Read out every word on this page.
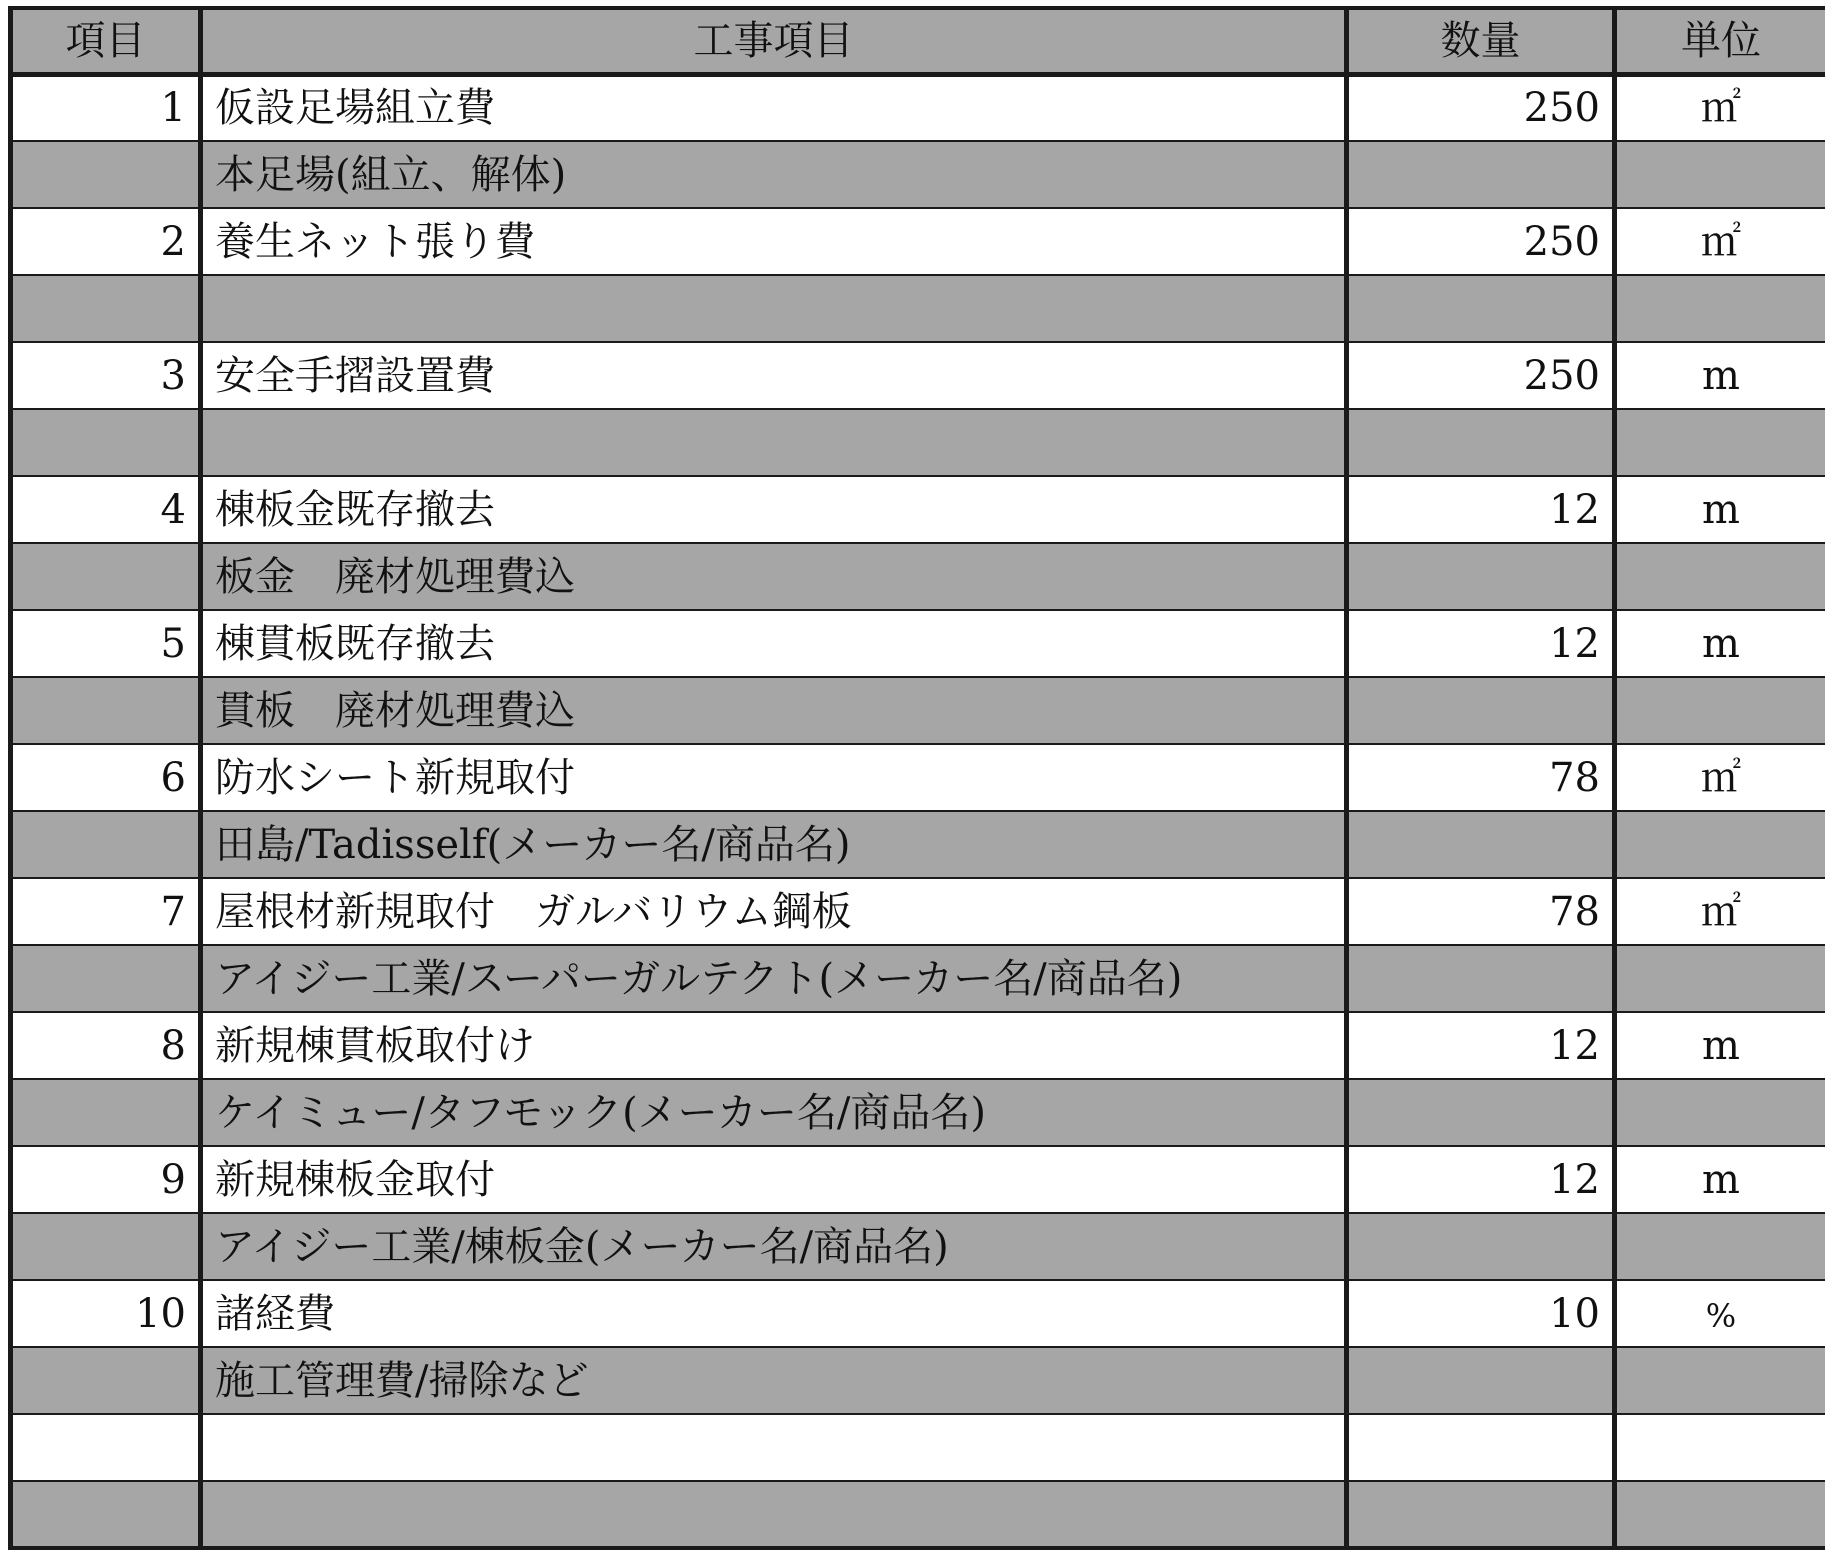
項目	工事項目	数量	単位
1	仮設足場組立費	250	㎡
	本足場(組立、解体)		
2	養生ネット張り費	250	㎡

3	安全手摺設置費	250	m

4	棟板金既存撤去	12	m
	板金　廃材処理費込		
5	棟貫板既存撤去	12	m
	貫板　廃材処理費込		
6	防水シート新規取付	78	㎡
	田島/Tadisself(メーカー名/商品名)		
7	屋根材新規取付　ガルバリウム鋼板	78	㎡
	アイジー工業/スーパーガルテクト(メーカー名/商品名)		
8	新規棟貫板取付け	12	m
	ケイミュー/タフモック(メーカー名/商品名)		
9	新規棟板金取付	12	m
	アイジー工業/棟板金(メーカー名/商品名)		
10	諸経費	10	%
	施工管理費/掃除など		
